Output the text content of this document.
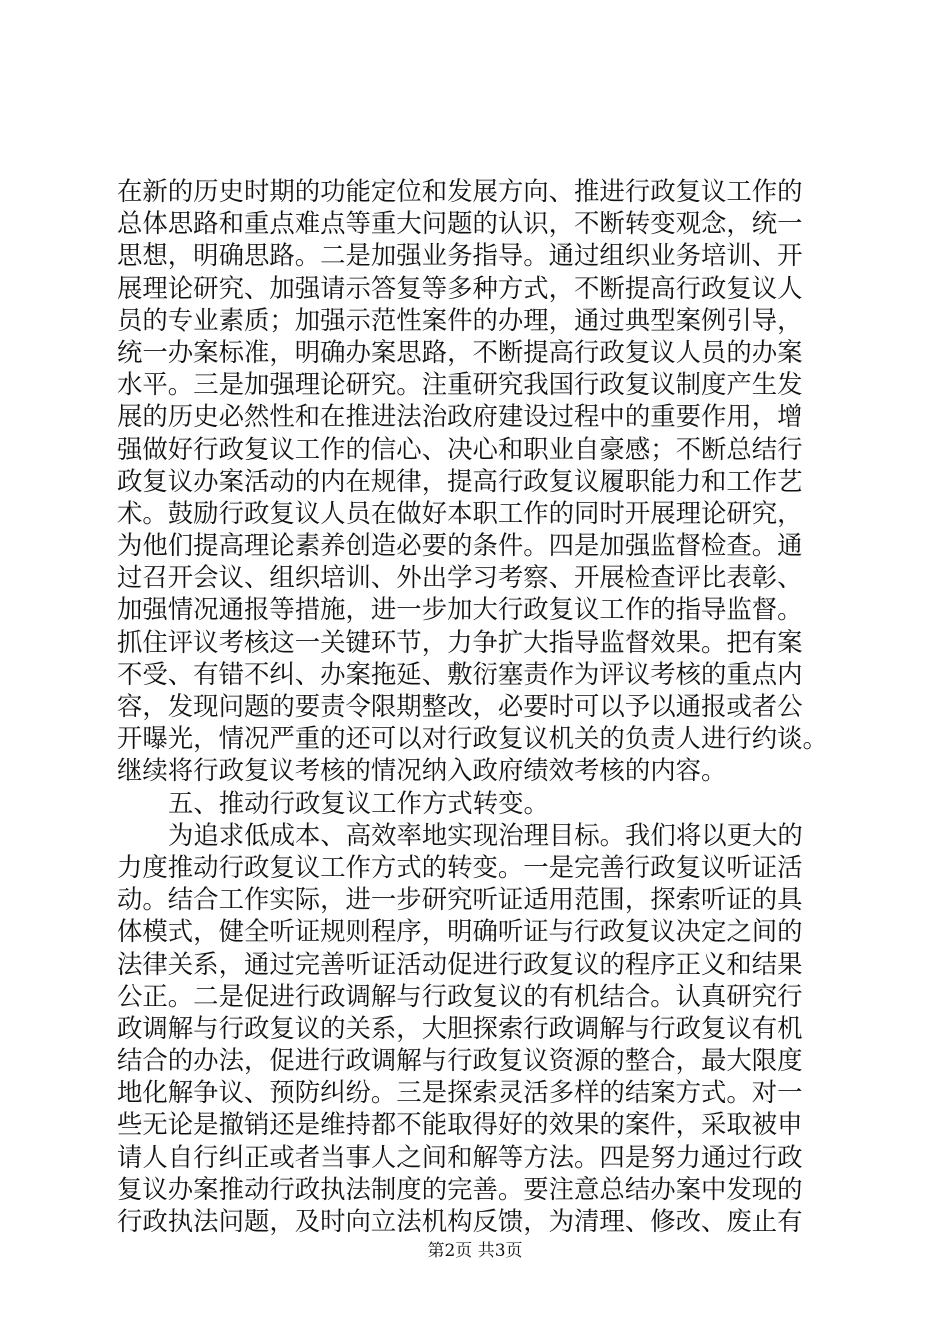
在新的历史时期的功能定位和发展方向、推进行政复议工作的
总体思路和重点难点等重大问题的认识，不断转变观念，统一
思想，明确思路。二是加强业务指导。通过组织业务培训、开
展理论研究、加强请示答复等多种方式，不断提高行政复议人
员的专业素质；加强示范性案件的办理，通过典型案例引导，
统一办案标准，明确办案思路，不断提高行政复议人员的办案
水平。三是加强理论研究。注重研究我国行政复议制度产生发
展的历史必然性和在推进法治政府建设过程中的重要作用，增
强做好行政复议工作的信心、决心和职业自豪感；不断总结行
政复议办案活动的内在规律，提高行政复议履职能力和工作艺
术。鼓励行政复议人员在做好本职工作的同时开展理论研究，
为他们提高理论素养创造必要的条件。四是加强监督检查。通
过召开会议、组织培训、外出学习考察、开展检查评比表彰、
加强情况通报等措施，进一步加大行政复议工作的指导监督。
抓住评议考核这一关键环节，力争扩大指导监督效果。把有案
不受、有错不纠、办案拖延、敷衍塞责作为评议考核的重点内
容，发现问题的要责令限期整改，必要时可以予以通报或者公
开曝光，情况严重的还可以对行政复议机关的负责人进行约谈。
继续将行政复议考核的情况纳入政府绩效考核的内容。
五、推动行政复议工作方式转变。
为追求低成本、高效率地实现治理目标。我们将以更大的
力度推动行政复议工作方式的转变。一是完善行政复议听证活
动。结合工作实际，进一步研究听证适用范围，探索听证的具
体模式，健全听证规则程序，明确听证与行政复议决定之间的
法律关系，通过完善听证活动促进行政复议的程序正义和结果
公正。二是促进行政调解与行政复议的有机结合。认真研究行
政调解与行政复议的关系，大胆探索行政调解与行政复议有机
结合的办法，促进行政调解与行政复议资源的整合，最大限度
地化解争议、预防纠纷。三是探索灵活多样的结案方式。对一
些无论是撤销还是维持都不能取得好的效果的案件，采取被申
请人自行纠正或者当事人之间和解等方法。四是努力通过行政
复议办案推动行政执法制度的完善。要注意总结办案中发现的
行政执法问题，及时向立法机构反馈，为清理、修改、废止有
第2页 共3页
